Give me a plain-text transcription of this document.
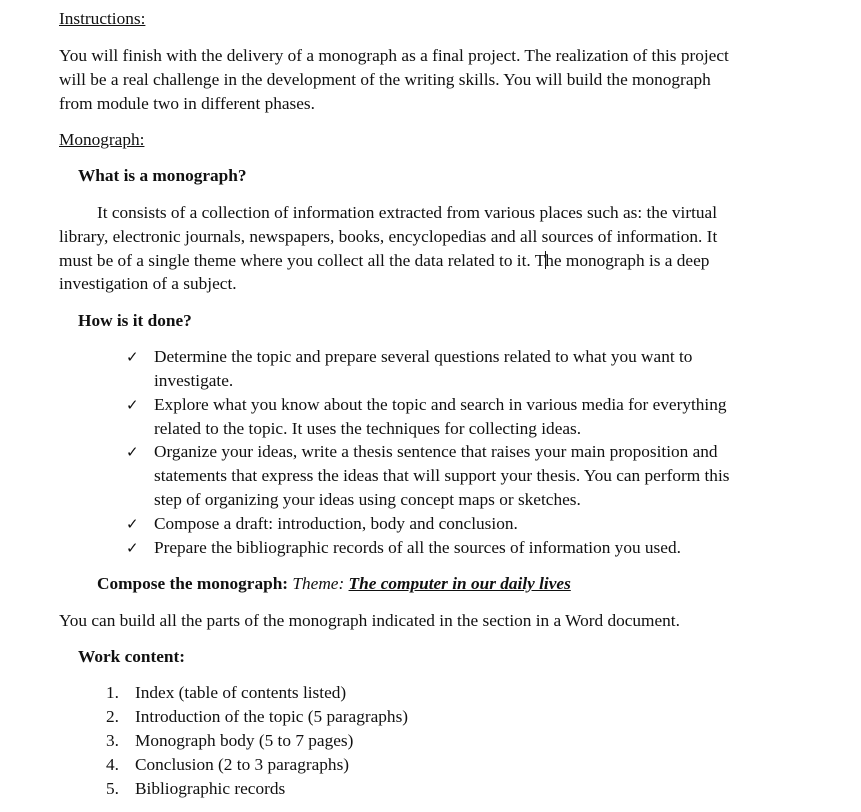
Instructions:
You will finish with the delivery of a monograph as a final project. The realization of this project
will be a real challenge in the development of the writing skills. You will build the monograph
from module two in different phases.
Monograph:
What is a monograph?
It consists of a collection of information extracted from various places such as: the virtual
library, electronic journals, newspapers, books, encyclopedias and all sources of information. It
must be of a single theme where you collect all the data related to it. The monograph is a deep
investigation of a subject.
How is it done?
✓ Determine the topic and prepare several questions related to what you want to
investigate.
✓ Explore what you know about the topic and search in various media for everything
related to the topic. It uses the techniques for collecting ideas.
✓ Organize your ideas, write a thesis sentence that raises your main proposition and
statements that express the ideas that will support your thesis. You can perform this
step of organizing your ideas using concept maps or sketches.
✓ Compose a draft: introduction, body and conclusion.
✓ Prepare the bibliographic records of all the sources of information you used.
Compose the monograph: Theme: The computer in our daily lives
You can build all the parts of the monograph indicated in the section in a Word document.
Work content:
1. Index (table of contents listed)
2. Introduction of the topic (5 paragraphs)
3. Monograph body (5 to 7 pages)
4. Conclusion (2 to 3 paragraphs)
5. Bibliographic records
